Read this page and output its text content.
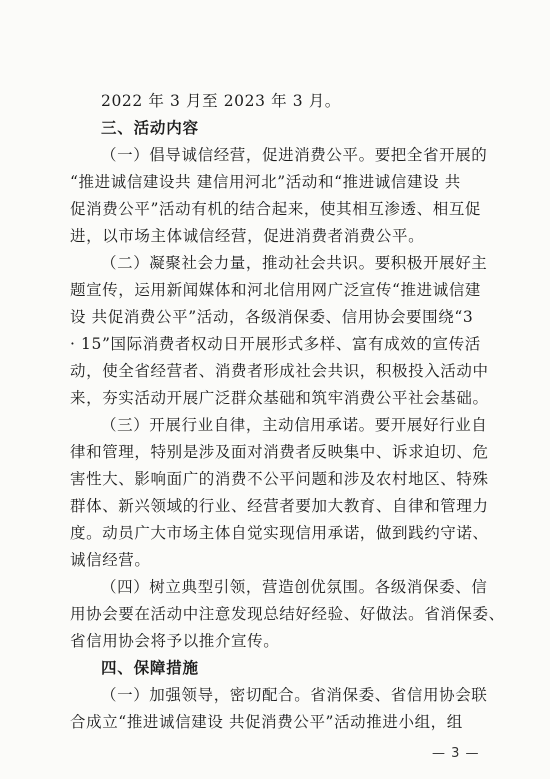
2022 年 3 月至 2023 年 3 月。
三、活动内容
（一）倡导诚信经营，促进消费公平。要把全省开展的
“推进诚信建设共 建信用河北”活动和“推进诚信建设 共
促消费公平”活动有机的结合起来，使其相互渗透、相互促
进，以市场主体诚信经营，促进消费者消费公平。
（二）凝聚社会力量，推动社会共识。要积极开展好主
题宣传，运用新闻媒体和河北信用网广泛宣传“推进诚信建
设 共促消费公平”活动，各级消保委、信用协会要围绕“3
· 15”国际消费者权动日开展形式多样、富有成效的宣传活
动，使全省经营者、消费者形成社会共识，积极投入活动中
来，夯实活动开展广泛群众基础和筑牢消费公平社会基础。
（三）开展行业自律，主动信用承诺。要开展好行业自
律和管理，特别是涉及面对消费者反映集中、诉求迫切、危
害性大、影响面广的消费不公平问题和涉及农村地区、特殊
群体、新兴领域的行业、经营者要加大教育、自律和管理力
度。动员广大市场主体自觉实现信用承诺，做到践约守诺、
诚信经营。
（四）树立典型引领，营造创优氛围。各级消保委、信
用协会要在活动中注意发现总结好经验、好做法。省消保委、
省信用协会将予以推介宣传。
四、保障措施
（一）加强领导，密切配合。省消保委、省信用协会联
合成立“推进诚信建设 共促消费公平”活动推进小组，组
— 3 —
